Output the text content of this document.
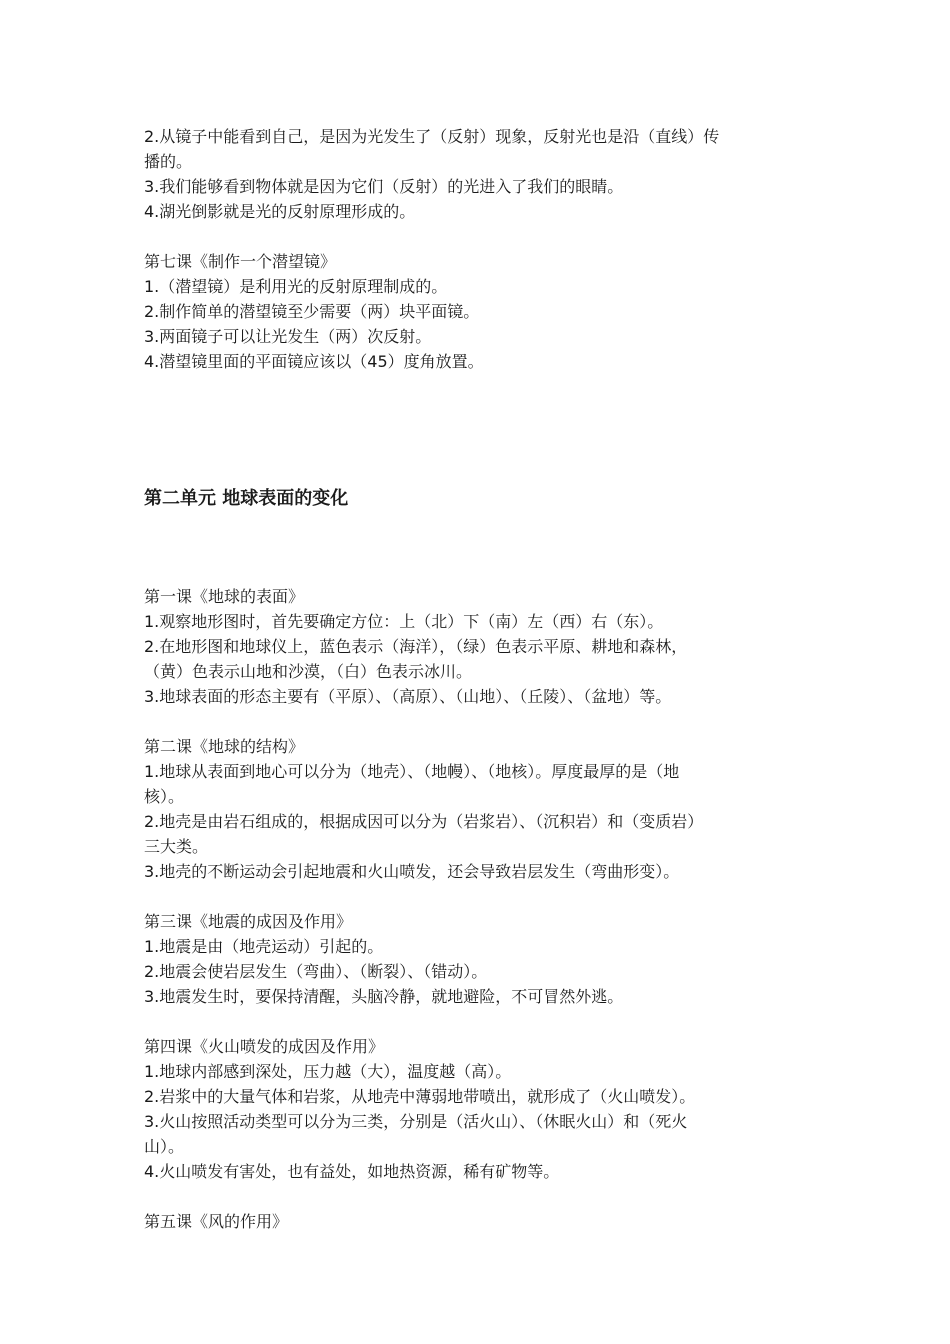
2.从镜子中能看到自己，是因为光发生了（反射）现象，反射光也是沿（直线）传

播的。

3.我们能够看到物体就是因为它们（反射）的光进入了我们的眼睛。

4.湖光倒影就是光的反射原理形成的。

第七课《制作一个潜望镜》

1.（潜望镜）是利用光的反射原理制成的。

2.制作简单的潜望镜至少需要（两）块平面镜。

3.两面镜子可以让光发生（两）次反射。

4.潜望镜里面的平面镜应该以（45）度角放置。

第二单元 地球表面的变化

第一课《地球的表面》

1.观察地形图时，首先要确定方位：上（北）下（南）左（西）右（东）。

2.在地形图和地球仪上，蓝色表示（海洋），（绿）色表示平原、耕地和森林，

（黄）色表示山地和沙漠，（白）色表示冰川。

3.地球表面的形态主要有（平原）、（高原）、（山地）、（丘陵）、（盆地）等。

第二课《地球的结构》

1.地球从表面到地心可以分为（地壳）、（地幔）、（地核）。厚度最厚的是（地

核）。

2.地壳是由岩石组成的，根据成因可以分为（岩浆岩）、（沉积岩）和（变质岩）

三大类。

3.地壳的不断运动会引起地震和火山喷发，还会导致岩层发生（弯曲形变）。

第三课《地震的成因及作用》

1.地震是由（地壳运动）引起的。

2.地震会使岩层发生（弯曲）、（断裂）、（错动）。

3.地震发生时，要保持清醒，头脑冷静，就地避险，不可冒然外逃。

第四课《火山喷发的成因及作用》

1.地球内部感到深处，压力越（大），温度越（高）。

2.岩浆中的大量气体和岩浆，从地壳中薄弱地带喷出，就形成了（火山喷发）。

3.火山按照活动类型可以分为三类，分别是（活火山）、（休眠火山）和（死火

山）。

4.火山喷发有害处，也有益处，如地热资源，稀有矿物等。

第五课《风的作用》
